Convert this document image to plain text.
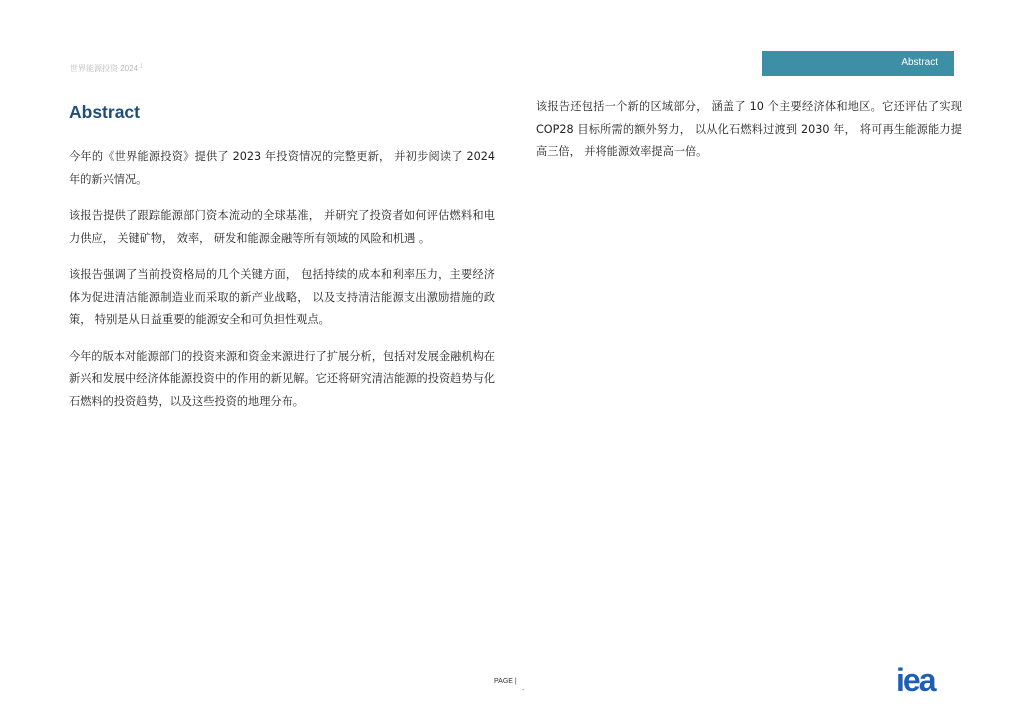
世界能源投资 2024 $^1$	Abstract
Abstract

今年的《世界能源投资》提供了 2023 年投资情况的完整更新， 并初步阅读了 2024 年的新兴情况。

该报告提供了跟踪能源部门资本流动的全球基准， 并研究了投资者如何评估燃料和电力供应， 关键矿物， 效率， 研发和能源金融等所有领域的风险和机遇 。

该报告强调了当前投资格局的几个关键方面， 包括持续的成本和利率压力，主要经济体为促进清洁能源制造业而采取的新产业战略， 以及支持清洁能源支出激励措施的政策， 特别是从日益重要的能源安全和可负担性观点。

今年的版本对能源部门的投资来源和资金来源进行了扩展分析，包括对发展金融机构在新兴和发展中经济体能源投资中的作用的新见解。它还将研究清洁能源的投资趋势与化石燃料的投资趋势，以及这些投资的地理分布。

该报告还包括一个新的区域部分， 涵盖了 10 个主要经济体和地区。它还评估了实现 COP28 目标所需的额外努力， 以从化石燃料过渡到 2030 年， 将可再生能源能力提高三倍， 并将能源效率提高一倍。

PAGE |
-	iea
